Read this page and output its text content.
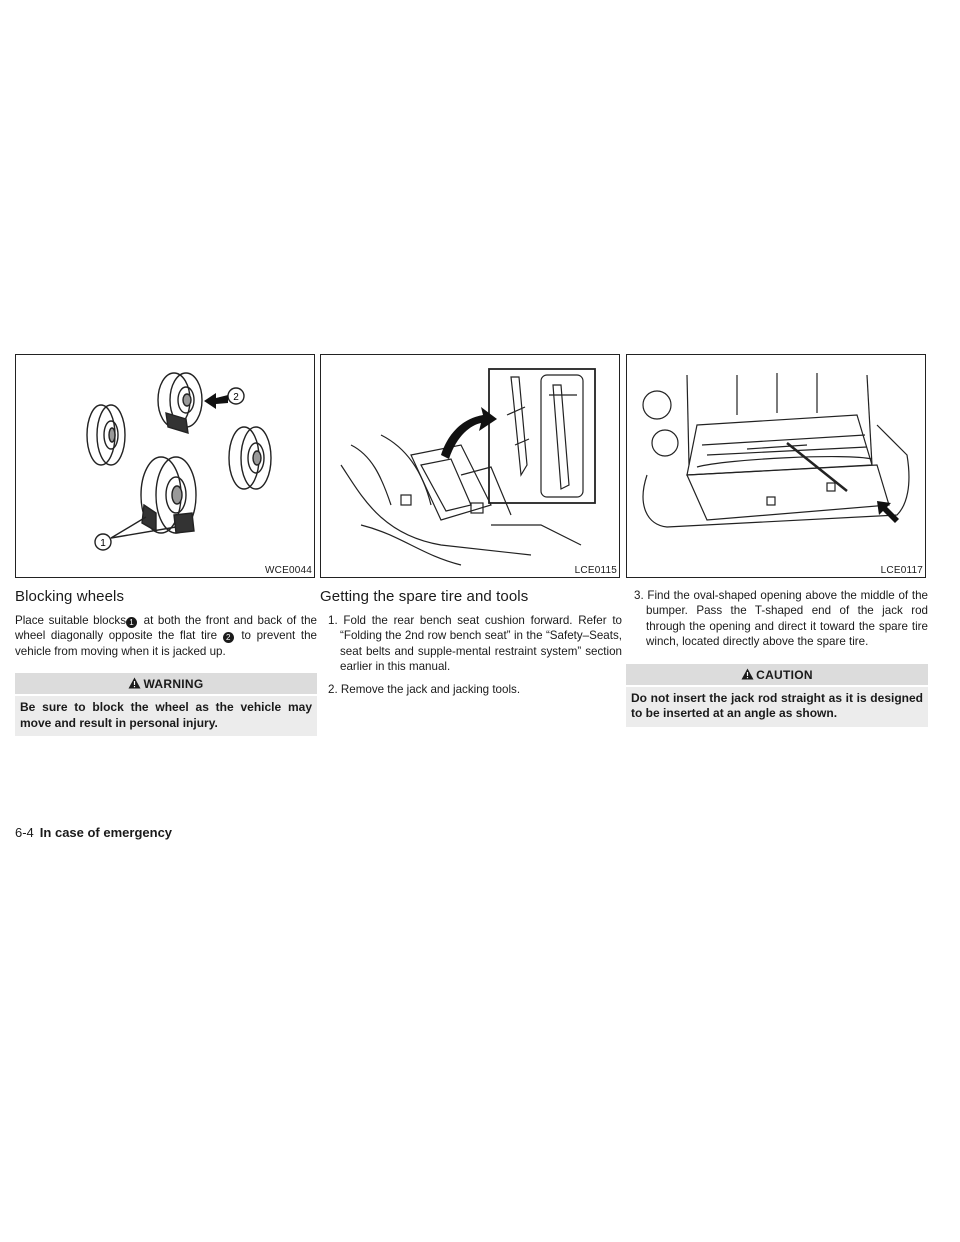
1
2
WCE0044
Blocking wheels

Place suitable blocks 1 at both the front and back of the wheel diagonally opposite the flat tire 2 to prevent the vehicle from moving when it is jacked up.

WARNING
Be sure to block the wheel as the vehicle may move and result in personal injury.
LCE0115
Getting the spare tire and tools
1. Fold the rear bench seat cushion forward. Refer to “Folding the 2nd row bench seat” in the “Safety–Seats, seat belts and supple-mental restraint system” section earlier in this manual.
2. Remove the jack and jacking tools.
LCE0117
3. Find the oval-shaped opening above the middle of the bumper. Pass the T-shaped end of the jack rod through the opening and direct it toward the spare tire winch, located directly above the spare tire.
CAUTION
Do not insert the jack rod straight as it is designed to be inserted at an angle as shown.
6-4 In case of emergency
